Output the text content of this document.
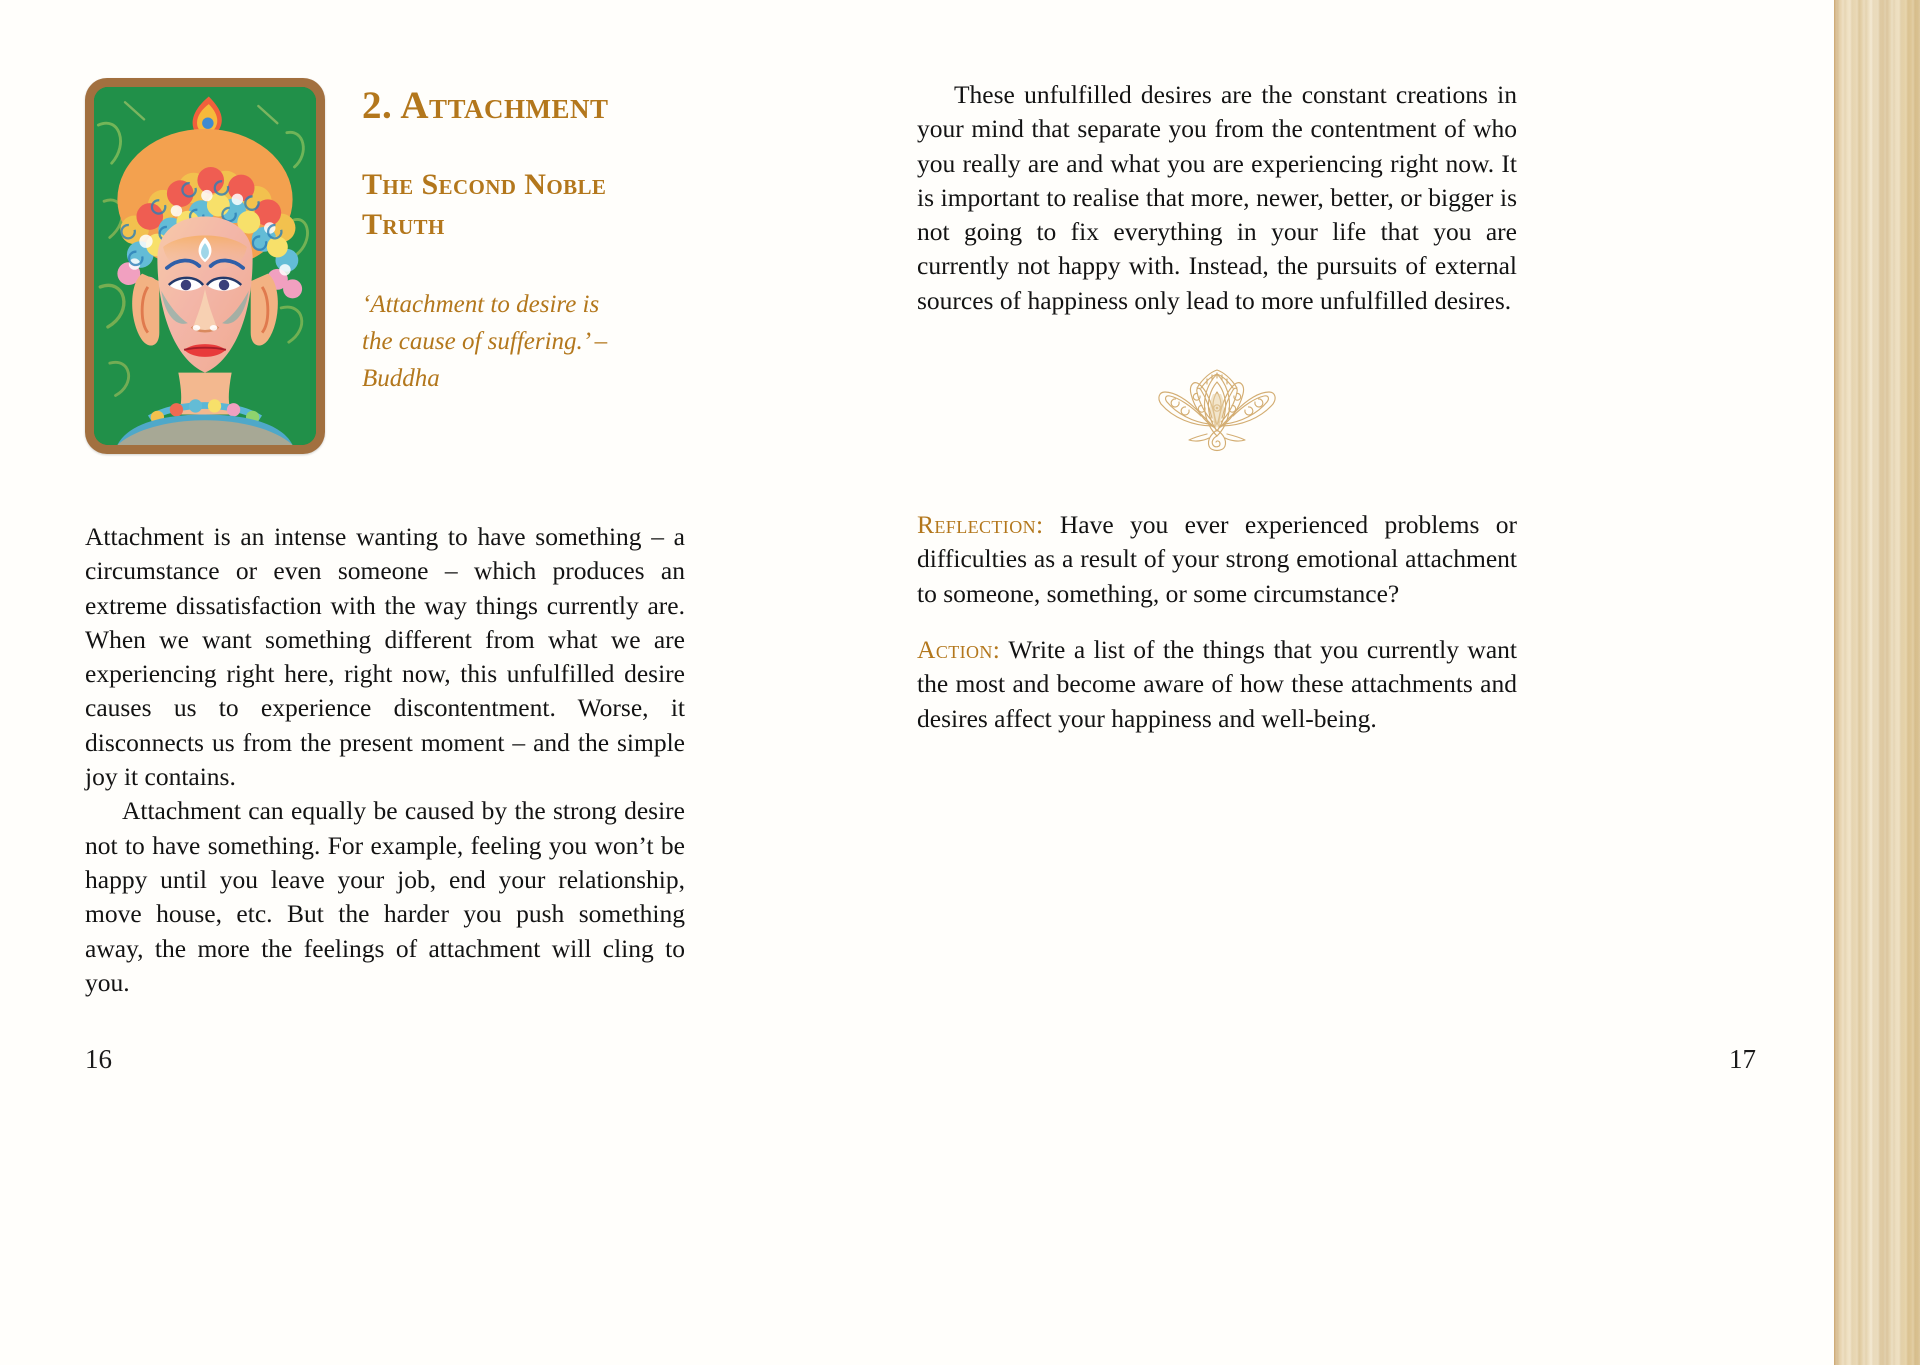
2. Attachment
The Second Noble Truth

‘Attachment to desire is the cause of suffering.’ – Buddha

Attachment is an intense wanting to have something – a circumstance or even someone – which produces an extreme dissatisfaction with the way things currently are. When we want something different from what we are experiencing right here, right now, this unfulfilled desire causes us to experience discontentment. Worse, it disconnects us from the present moment – and the simple joy it contains.

Attachment can equally be caused by the strong desire not to have something. For example, feeling you won’t be happy until you leave your job, end your relationship, move house, etc. But the harder you push something away, the more the feelings of attachment will cling to you.

16

These unfulfilled desires are the constant creations in your mind that separate you from the contentment of who you really are and what you are experiencing right now. It is important to realise that more, newer, better, or bigger is not going to fix everything in your life that you are currently not happy with. Instead, the pursuits of external sources of happiness only lead to more unfulfilled desires.

Reflection: Have you ever experienced problems or difficulties as a result of your strong emotional attachment to someone, something, or some circumstance?

Action: Write a list of the things that you currently want the most and become aware of how these attachments and desires affect your happiness and well-being.

17
